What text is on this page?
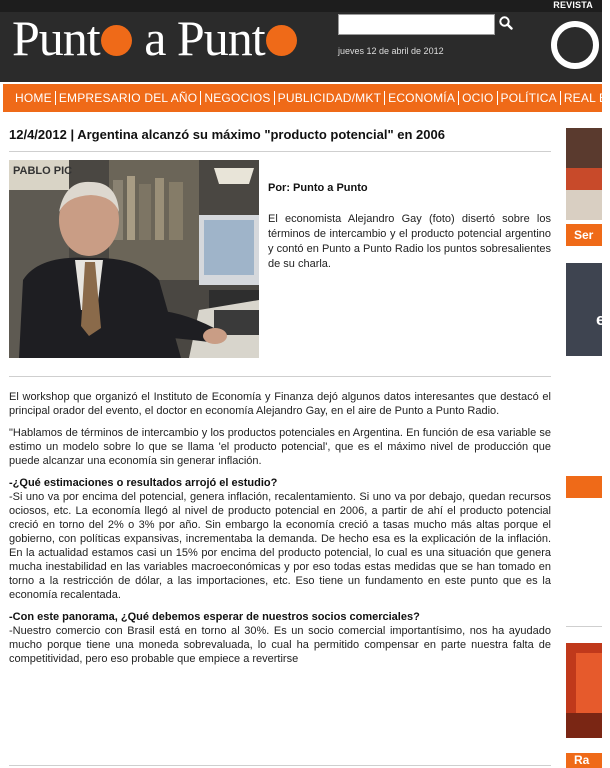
REVISTA
Punt a Punt	jueves 12 de abril de 2012
HOME EMPRESARIO DEL AÑO NEGOCIOS PUBLICIDAD/MKT ECONOMÍA OCIO POLÍTICA REAL E
12/4/2012 | Argentina alcanzó su máximo "producto potencial" en 2006
PABLO PIC
Por: Punto a Punto

El economista Alejandro Gay (foto) disertó sobre los términos de intercambio y el producto potencial argentino y contó en Punto a Punto Radio los puntos sobresalientes de su charla.

El workshop que organizó el Instituto de Economía y Finanza dejó algunos datos interesantes que destacó el principal orador del evento, el doctor en economía Alejandro Gay, en el aire de Punto a Punto Radio.

"Hablamos de términos de intercambio y los productos potenciales en Argentina. En función de esa variable se estimo un modelo sobre lo que se llama 'el producto potencial', que es el máximo nivel de producción que puede alcanzar una economía sin generar inflación.

-¿Qué estimaciones o resultados arrojó el estudio?

-Si uno va por encima del potencial, genera inflación, recalentamiento. Si uno va por debajo, quedan recursos ociosos, etc. La economía llegó al nivel de producto potencial en 2006, a partir de ahí el producto potencial creció en torno del 2% o 3% por año. Sin embargo la economía creció a tasas mucho más altas porque el gobierno, con políticas expansivas, incrementaba la demanda. De hecho esa es la explicación de la inflación. En la actualidad estamos casi un 15% por encima del producto potencial, lo cual es una situación que genera mucha inestabilidad en las variables macroeconómicas y por eso todas estas medidas que se han tomado en torno a la restricción de dólar, a las importaciones, etc. Eso tiene un fundamento en este punto que es la economía recalentada.

-Con este panorama, ¿Qué debemos esperar de nuestros socios comerciales?

-Nuestro comercio con Brasil está en torno al 30%. Es un socio comercial importantísimo, nos ha ayudado mucho porque tiene una moneda sobrevaluada, lo cual ha permitido compensar en parte nuestra falta de competitividad, pero eso probable que empiece a revertirse

Ser
e
Ra
